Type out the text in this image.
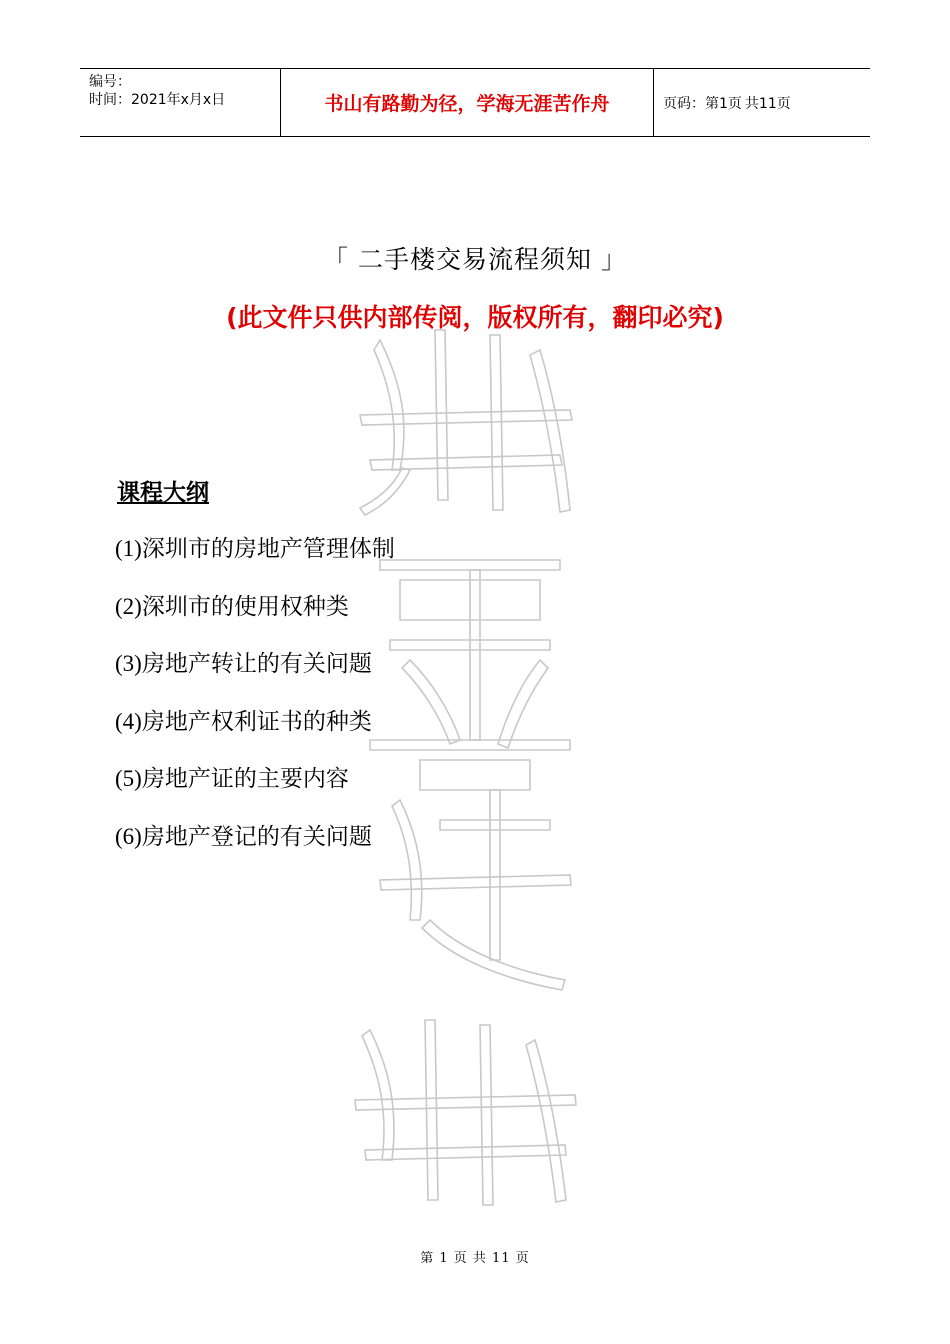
编号：
时间：2021年x月x日	书山有路勤为径，学海无涯苦作舟	页码：第1页 共11页
「 二手楼交易流程须知 」
(此文件只供内部传阅，版权所有，翻印必究)
课程大纲
(1)深圳市的房地产管理体制
(2)深圳市的使用权种类
(3)房地产转让的有关问题
(4)房地产权利证书的种类
(5)房地产证的主要内容
(6)房地产登记的有关问题
第 1 页 共 11 页
